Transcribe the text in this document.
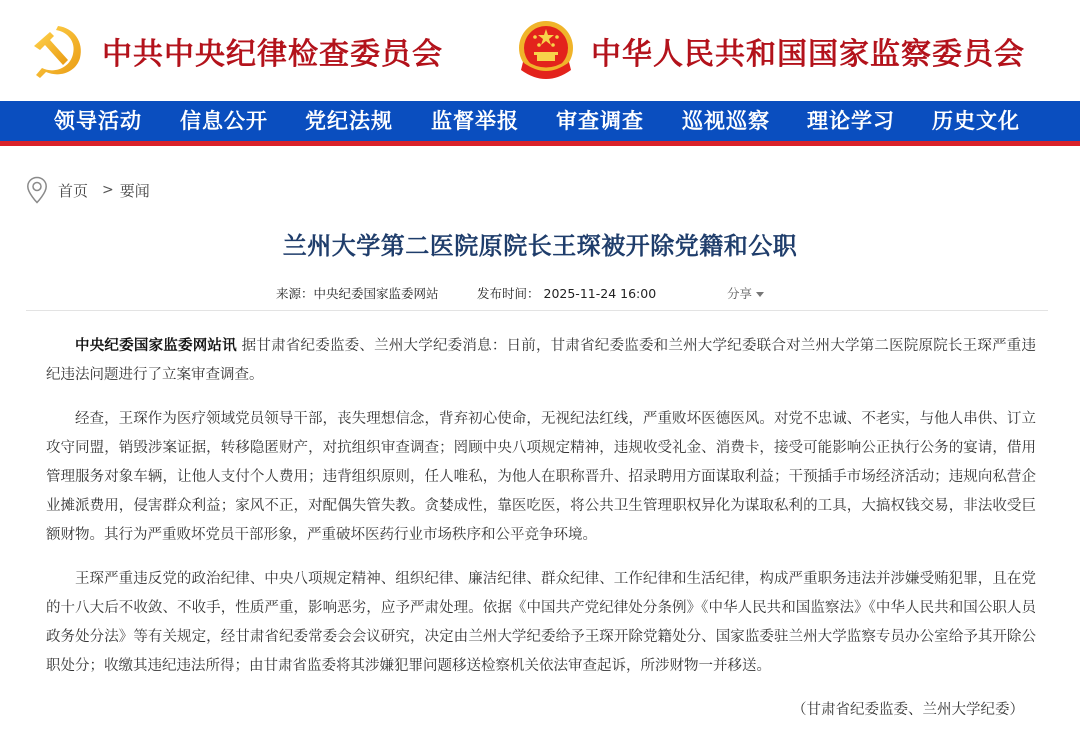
中共中央纪律检查委员会	中华人民共和国国家监察委员会
领导活动 信息公开 党纪法规 监督举报 审查调查 巡视巡察 理论学习 历史文化
首页 > 要闻
兰州大学第二医院原院长王琛被开除党籍和公职
来源：中央纪委国家监委网站	发布时间： 2025-11-24 16:00	分享

中央纪委国家监委网站讯 据甘肃省纪委监委、兰州大学纪委消息：日前，甘肃省纪委监委和兰州大学纪委联合对兰州大学第二医院原院长王琛严重违纪违法问题进行了立案审查调查。

经查，王琛作为医疗领域党员领导干部，丧失理想信念，背弃初心使命，无视纪法红线，严重败坏医德医风。对党不忠诚、不老实，与他人串供、订立攻守同盟，销毁涉案证据，转移隐匿财产，对抗组织审查调查；罔顾中央八项规定精神，违规收受礼金、消费卡，接受可能影响公正执行公务的宴请，借用管理服务对象车辆，让他人支付个人费用；违背组织原则，任人唯私，为他人在职称晋升、招录聘用方面谋取利益；干预插手市场经济活动；违规向私营企业摊派费用，侵害群众利益；家风不正，对配偶失管失教。贪婪成性，靠医吃医，将公共卫生管理职权异化为谋取私利的工具，大搞权钱交易，非法收受巨额财物。其行为严重败坏党员干部形象，严重破坏医药行业市场秩序和公平竞争环境。

王琛严重违反党的政治纪律、中央八项规定精神、组织纪律、廉洁纪律、群众纪律、工作纪律和生活纪律，构成严重职务违法并涉嫌受贿犯罪，且在党的十八大后不收敛、不收手，性质严重，影响恶劣，应予严肃处理。依据《中国共产党纪律处分条例》《中华人民共和国监察法》《中华人民共和国公职人员政务处分法》等有关规定，经甘肃省纪委常委会会议研究，决定由兰州大学纪委给予王琛开除党籍处分、国家监委驻兰州大学监察专员办公室给予其开除公职处分；收缴其违纪违法所得；由甘肃省监委将其涉嫌犯罪问题移送检察机关依法审查起诉，所涉财物一并移送。

（甘肃省纪委监委、兰州大学纪委）
